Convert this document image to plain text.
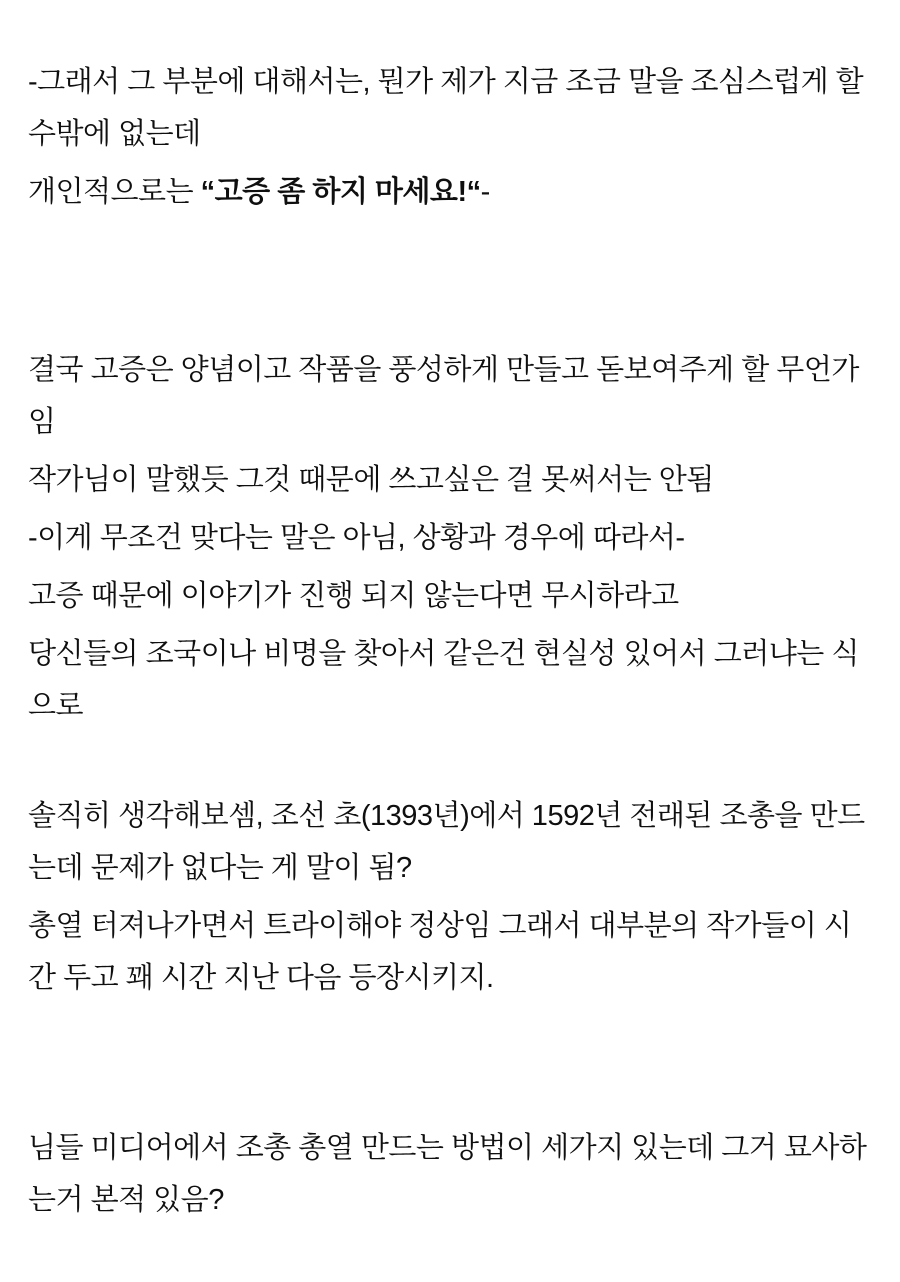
-그래서 그 부분에 대해서는, 뭔가 제가 지금 조금 말을 조심스럽게 할 수밖에 없는데

개인적으로는 “고증 좀 하지 마세요!“-

결국 고증은 양념이고 작품을 풍성하게 만들고 돋보여주게 할 무언가임

작가님이 말했듯 그것 때문에 쓰고싶은 걸 못써서는 안됨

-이게 무조건 맞다는 말은 아님, 상황과 경우에 따라서-

고증 때문에 이야기가 진행 되지 않는다면 무시하라고

당신들의 조국이나 비명을 찾아서 같은건 현실성 있어서 그러냐는 식으로

솔직히 생각해보셈, 조선 초(1393년)에서 1592년 전래된 조총을 만드는데 문제가 없다는 게 말이 됨?

총열 터져나가면서 트라이해야 정상임 그래서 대부분의 작가들이 시간 두고 꽤 시간 지난 다음 등장시키지.

님들 미디어에서 조총 총열 만드는 방법이 세가지 있는데 그거 묘사하는거 본적 있음?
